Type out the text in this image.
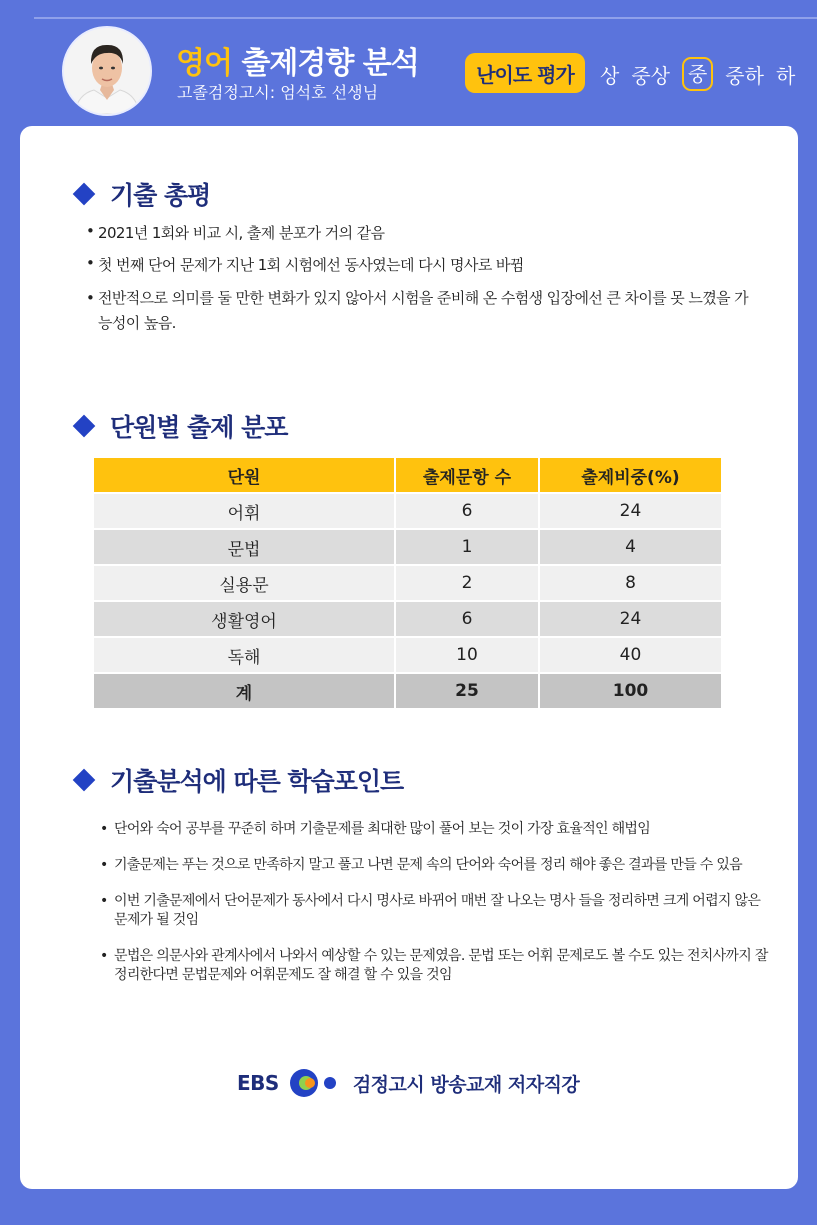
영어 출제경향 분석
고졸검정고시: 엄석호 선생님
난이도 평가	상 중상 중 중하 하
기출 총평
• 2021년 1회와 비교 시, 출제 분포가 거의 같음
• 첫 번째 단어 문제가 지난 1회 시험에선 동사였는데 다시 명사로 바뀜
• 전반적으로 의미를 둘 만한 변화가 있지 않아서 시험을 준비해 온 수험생 입장에선 큰 차이를 못 느꼈을 가능성이 높음.
단원별 출제 분포
단원	출제문항 수	출제비중(%)
어휘	6	24
문법	1	4
실용문	2	8
생활영어	6	24
독해	10	40
계	25	100
기출분석에 따른 학습포인트
• 단어와 숙어 공부를 꾸준히 하며 기출문제를 최대한 많이 풀어 보는 것이 가장 효율적인 해법임
• 기출문제는 푸는 것으로 만족하지 말고 풀고 나면 문제 속의 단어와 숙어를 정리 해야 좋은 결과를 만들 수 있음
• 이번 기출문제에서 단어문제가 동사에서 다시 명사로 바뀌어 매번 잘 나오는 명사 들을 정리하면 크게 어렵지 않은 문제가 될 것임
• 문법은 의문사와 관계사에서 나와서 예상할 수 있는 문제였음. 문법 또는 어휘 문제로도 볼 수도 있는 전치사까지 잘 정리한다면 문법문제와 어휘문제도 잘 해결 할 수 있을 것임
EBS	검정고시 방송교재 저자직강
